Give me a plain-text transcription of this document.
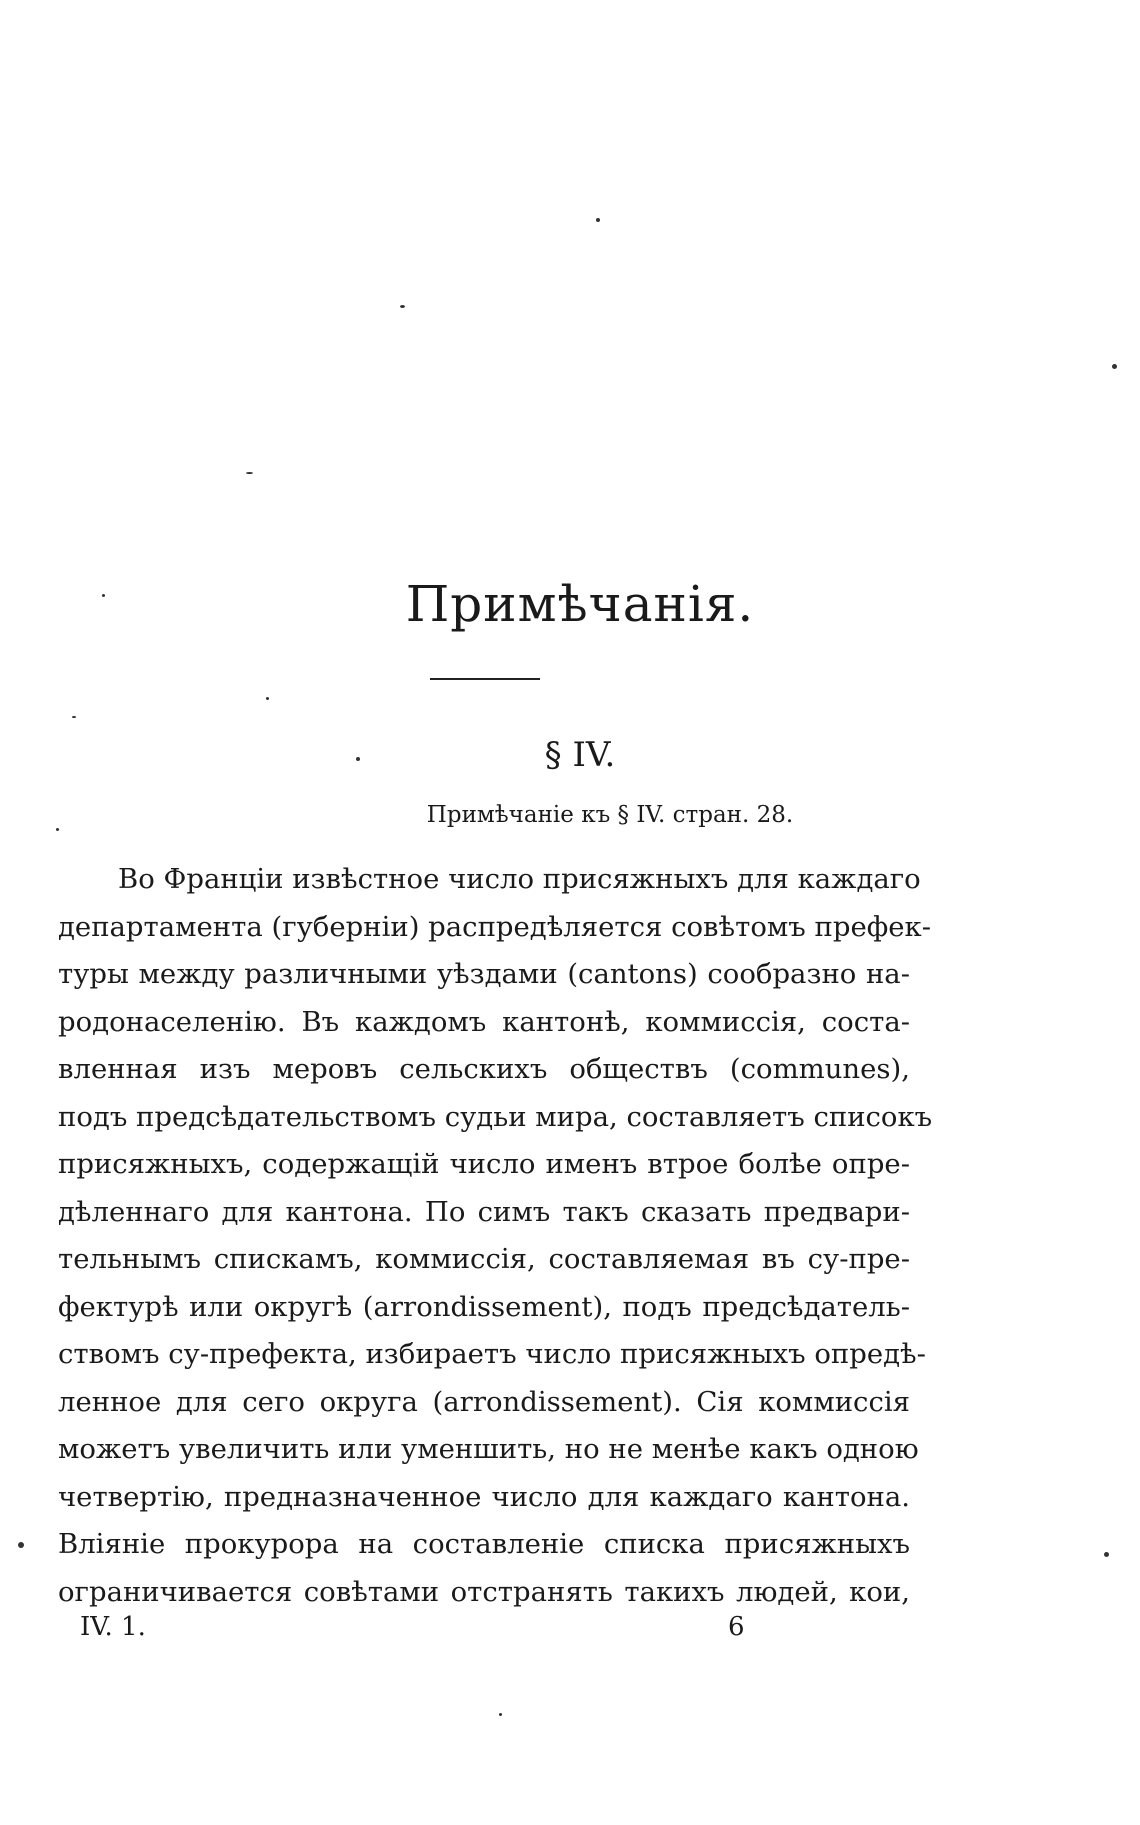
Примѣчанія.
§ IV.
Примѣчаніе къ § IV. стран. 28.
Во Франціи извѣстное число присяжныхъ для каждаго
департамента (губерніи) распредѣляется совѣтомъ префек-
туры между различными уѣздами (cantons) сообразно на-
родонаселенію. Въ каждомъ кантонѣ, коммиссія, соста-
вленная изъ меровъ сельскихъ обществъ (communes),
подъ предсѣдательствомъ судьи мира, составляетъ списокъ
присяжныхъ, содержащій число именъ втрое болѣе опре-
дѣленнаго для кантона. По симъ такъ сказать предвари-
тельнымъ спискамъ, коммиссія, составляемая въ су-пре-
фектурѣ или округѣ (arrondissement), подъ предсѣдатель-
ствомъ су-префекта, избираетъ число присяжныхъ опредѣ-
ленное для сего округа (arrondissement). Сія коммиссія
можетъ увеличить или уменшить, но не менѣе какъ одною
четвертію, предназначенное число для каждаго кантона.
Вліяніе прокурора на составленіе списка присяжныхъ
ограничивается совѣтами отстранять такихъ людей, кои,
IV. 1.	6
